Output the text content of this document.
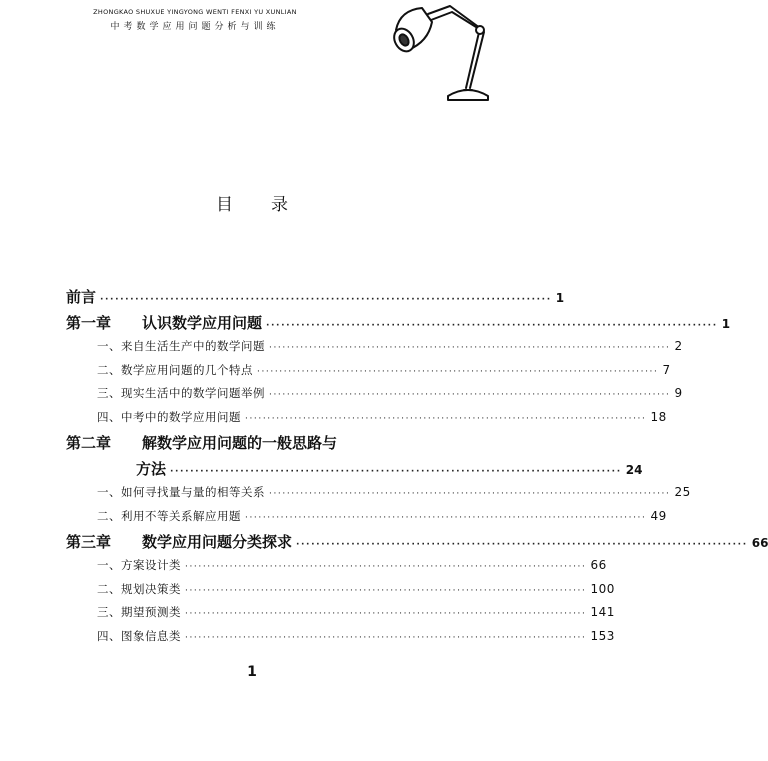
ZHONGKAO SHUXUE YINGYONG WENTI FENXI YU XUNLIAN
中考数学应用问题分析与训练
目录
前言 ·························································································· 1
第一章 认识数学应用问题 ·························································································· 1
一、来自生活生产中的数学问题 ·························································································· 2
二、数学应用问题的几个特点 ·························································································· 7
三、现实生活中的数学问题举例 ·························································································· 9
四、中考中的数学应用问题 ·························································································· 18
第二章 解数学应用问题的一般思路与
方法 ·························································································· 24
一、如何寻找量与量的相等关系 ·························································································· 25
二、利用不等关系解应用题 ·························································································· 49
第三章 数学应用问题分类探求 ·························································································· 66
一、方案设计类 ·························································································· 66
二、规划决策类 ·························································································· 100
三、期望预测类 ·························································································· 141
四、图象信息类 ·························································································· 153
1
